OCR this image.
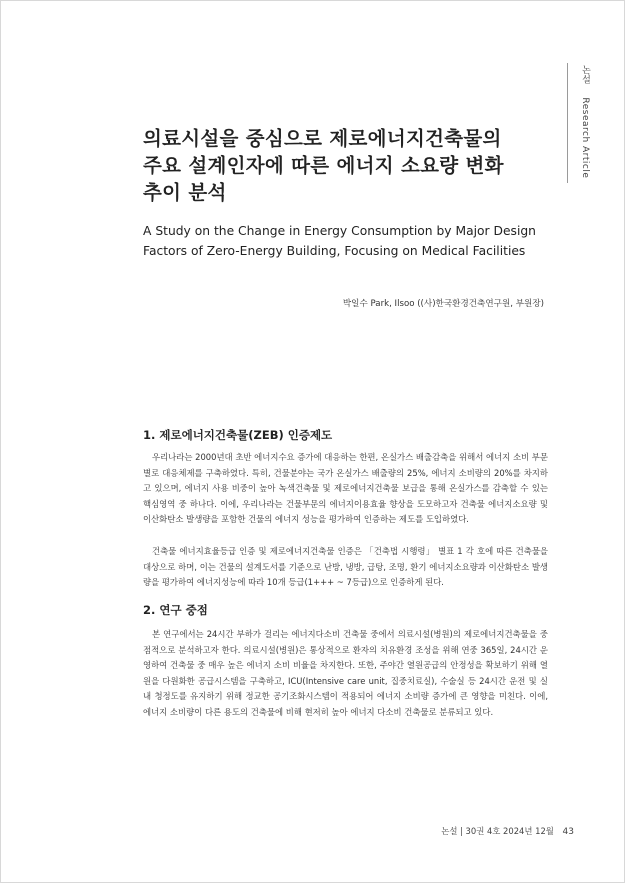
논설 Research Article
의료시설을 중심으로 제로에너지건축물의
주요 설계인자에 따른 에너지 소요량 변화
추이 분석
A Study on the Change in Energy Consumption by Major Design
Factors of Zero-Energy Building, Focusing on Medical Facilities
박일수 Park, Ilsoo ((사)한국환경건축연구원, 부원장)
1. 제로에너지건축물(ZEB) 인증제도

우리나라는 2000년대 초반 에너지수요 증가에 대응하는 한편, 온실가스 배출감축을 위해서 에너지 소비 부문별로 대응체제를 구축하였다. 특히, 건물분야는 국가 온실가스 배출량의 25%, 에너지 소비량의 20%를 차지하고 있으며, 에너지 사용 비중이 높아 녹색건축물 및 제로에너지건축물 보급을 통해 온실가스를 감축할 수 있는 핵심영역 중 하나다. 이에, 우리나라는 건물부문의 에너지이용효율 향상을 도모하고자 건축물 에너지소요량 및 이산화탄소 발생량을 포함한 건물의 에너지 성능을 평가하여 인증하는 제도를 도입하였다.

건축물 에너지효율등급 인증 및 제로에너지건축물 인증은 「건축법 시행령」 별표 1 각 호에 따른 건축물을 대상으로 하며, 이는 건물의 설계도서를 기준으로 난방, 냉방, 급탕, 조명, 환기 에너지소요량과 이산화탄소 발생량을 평가하여 에너지성능에 따라 10개 등급(1+++ ~ 7등급)으로 인증하게 된다.

2. 연구 중점

본 연구에서는 24시간 부하가 걸리는 에너지다소비 건축물 중에서 의료시설(병원)의 제로에너지건축물을 중점적으로 분석하고자 한다. 의료시설(병원)은 통상적으로 환자의 치유환경 조성을 위해 연중 365일, 24시간 운영하여 건축물 중 매우 높은 에너지 소비 비율을 차지한다. 또한, 주야간 열원공급의 안정성을 확보하기 위해 열원을 다원화한 공급시스템을 구축하고, ICU(Intensive care unit, 집중치료실), 수술실 등 24시간 운전 및 실내 청정도를 유지하기 위해 정교한 공기조화시스템이 적용되어 에너지 소비량 증가에 큰 영향을 미친다. 이에, 에너지 소비량이 다른 용도의 건축물에 비해 현저히 높아 에너지 다소비 건축물로 분류되고 있다.

논설 | 30권 4호 2024년 12월 43
